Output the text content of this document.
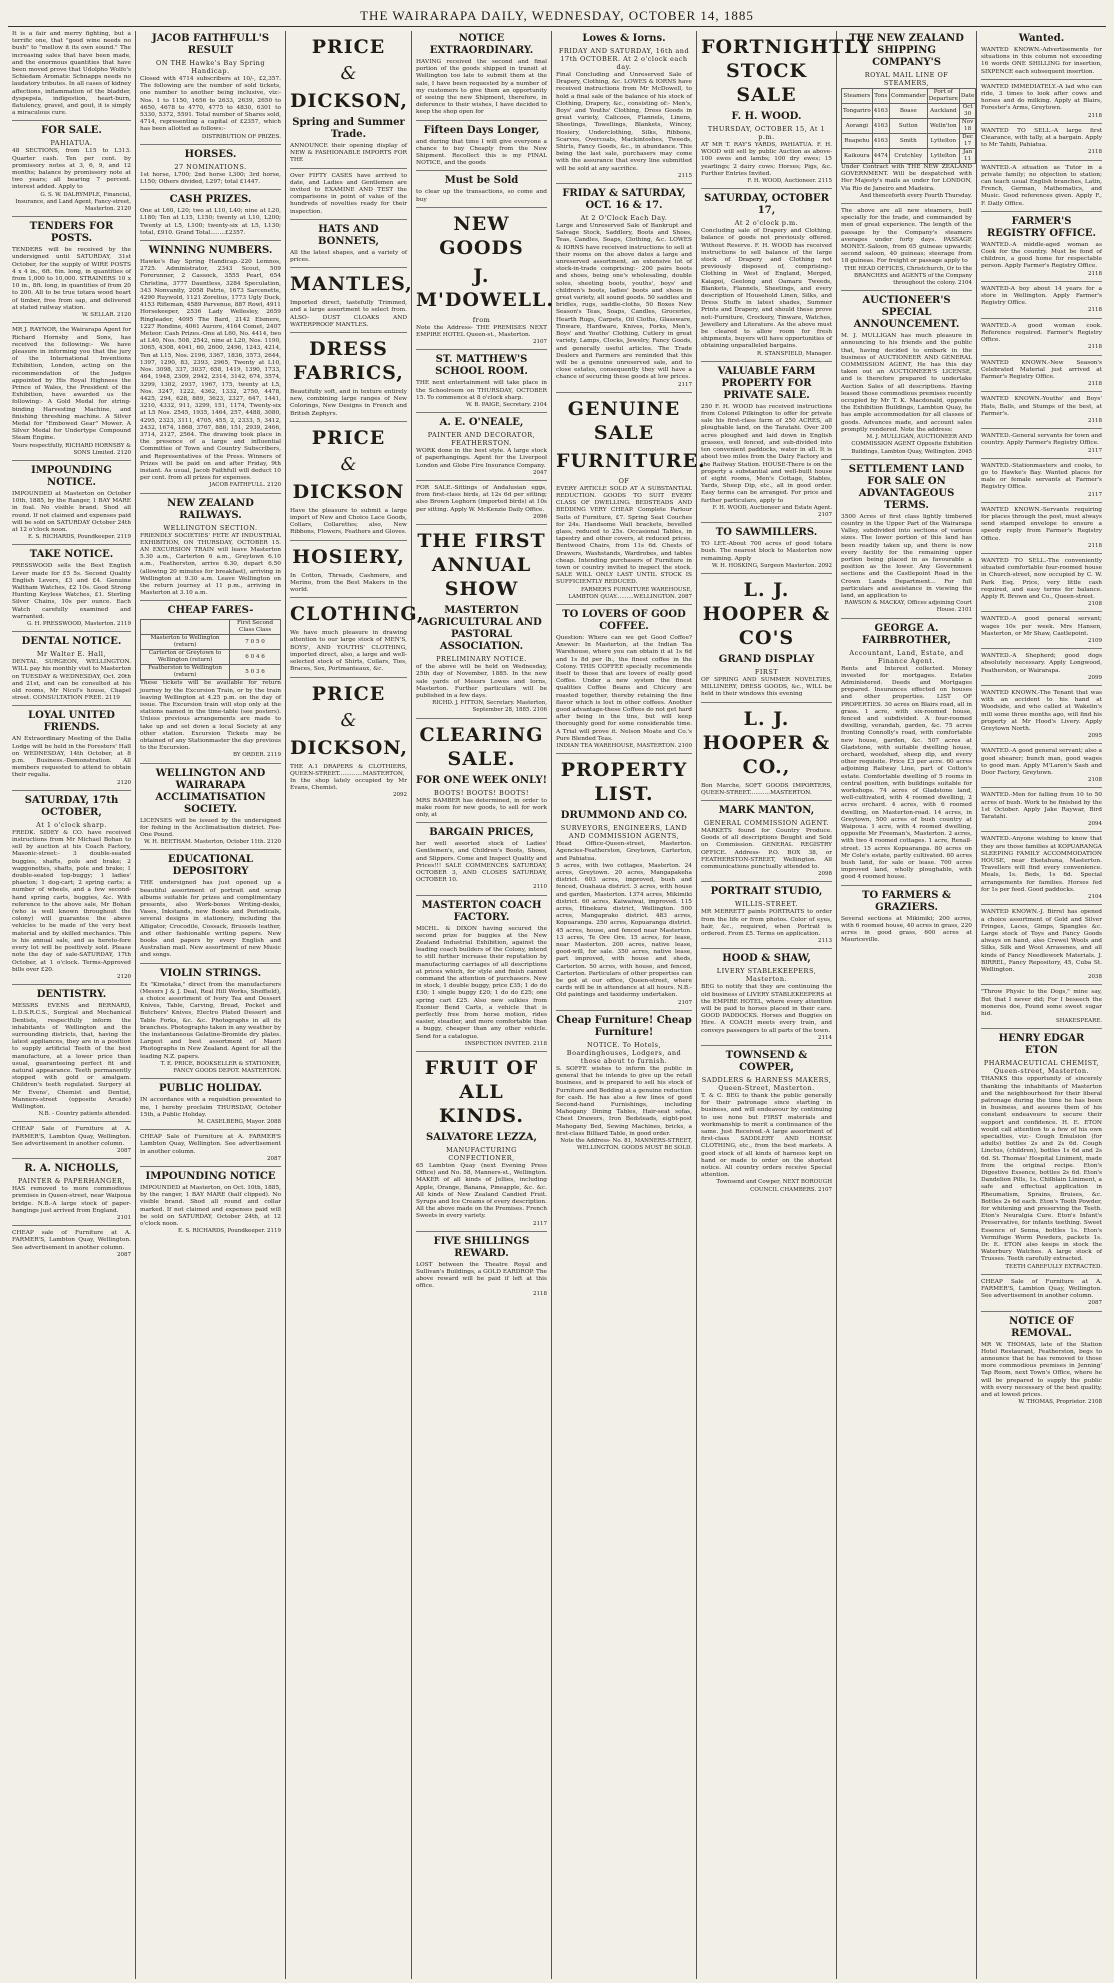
THE WAIRARAPA DAILY, WEDNESDAY, OCTOBER 14, 1885
It is a fair and merry fighting, but a terrific one, that "good wine needs no bush" to "mellow it its own sound." The increasing sales that have been made, and the enormous quantities that have been moved prove that Udolpho Wolfe's Schiedam Aromatic Schnapps needs no laudatory tributes. In all cases of kidney affections, inflammation of the bladder, dyspepsia, indigestion, heart-burn, flatulency, gravel, and gout, it is simply a miraculous cure.
FOR SALE.
PAHIATUA.
48 SECTIONS, from L15 to L313. Quarter cash. Ten per cent. by promissory notes at 3, 6, 9, and 12 months; balance by promissory note at two years; all bearing 7 percent. interest added. Apply to
G. S. W. DALRYMPLE, Financial, Insurance, and Land Agent, Fancy-street, Masterton. 2120
TENDERS FOR POSTS.
TENDERS will be received by the undersigned until SATURDAY, 31st October, for the supply of WIRE POSTS 4 x 4 in., 6ft. 6in. long, in quantities of from 1,000 to 10,000. STRAINERS 10 x 10 in., 8ft. long, in quantities of from 20 to 200. All to be true totara wood heart of timber, free from sap, and delivered at stated railway station.
W. SELLAR. 2120
MR J. RAYNOR, the Wairarapa Agent for Richard Hornsby and Sons, has received the following:- We have pleasure in informing you that the jury of the International Inventions Exhibition, London, acting on the recommendation of the Judges appointed by His Royal Highness the Prince of Wales, the President of the Exhibition, have awarded us the following:- A Gold Medal for string-binding Harvesting Machine, and finishing threshing machine. A Silver Medal for "Embowed Gear" Mower. A Silver Medal for Undertype Compound Steam Engine.
Yours respectfully, RICHARD HORNSBY & SONS Limited. 2120
IMPOUNDING NOTICE.
IMPOUNDED at Masterton on October 10th, 1885, by the Ranger, 1 BAY MARE in foal. No visible brand. Shod all round. If not claimed and expenses paid will be sold on SATURDAY October 24th at 12 o'clock noon.
E. S. RICHARDS, Poundkeeper. 2119
TAKE NOTICE.
PRESSWOOD sells the Best English Lever made for £5 5s. Second Quality English Levers, £3 and £4. Genuine Waltham Watches, £2 10s. Good Strong Hunting Keyless Watches, £1. Sterling Silver Chains, 10s per ounce. Each Watch carefully examined and warranted.
G. H. PRESSWOOD, Masterton. 2119
DENTAL NOTICE.
Mr Walter E. Hall,
DENTAL SURGEON, WELLINGTON. WILL pay his monthly visit to Masterton on TUESDAY & WEDNESDAY, Oct. 20th and 21st, and can be consulted at his old rooms, Mr Nicol's house, Chapel street. CONSULTATION FREE. 2119
LOYAL UNITED FRIENDS.
AN Extraordinary Meeting of the Dalia Lodge will be held in the Foresters' Hall on WEDNESDAY, 14th October, at 8 p.m. Business.-Demonstration. All members requested to attend to obtain their regalia.
2120
SATURDAY, 17th OCTOBER,
At 1 o'clock sharp.
FREDK. SIDEY & CO. have received instructions from Mr Michael Bohan to sell by auction at his Coach Factory, Masonic-street:- 3 double-seated buggies, shafts, pole and brake; 2 waggonettes, shafts, pole and brake; 1 double-seated top-buggy; 1 ladies' phaeton; 1 dog-cart; 2 spring carts; a number of wheels, and a few second-hand spring carts, buggies, &c. With reference to the above sale, Mr Bohan (who is well known throughout the colony) will guarantee the above vehicles to be made of the very best material and by skilled mechanics. This is his annual sale, and as hereto-fore every lot will be positively sold. Please note the day of sale-SATURDAY, 17th October, at 1 o'clock. Terms-Approved bills over £20.
2120
DENTISTRY.
MESSRS EVENS and BERNARD, L.D.S.R.C.S., Surgical and Mechanical Dentists, respectfully inform the inhabitants of Wellington and the surrounding districts, that, having the latest appliances, they are in a position to supply artificial Teeth of the best manufacture, at a lower price than usual, guaranteeing perfect fit and natural appearance. Teeth permanently stopped with gold or amalgam. Children's teeth regulated. Surgery at Mr Evens', Chemist and Dentist, Manners-street (opposite Arcade) Wellington.
N.B. - Country patients attended.
CHEAP Sale of Furniture at A. FARMER'S, Lambton Quay, Wellington. See advertisement in another column.
2087
R. A. NICHOLLS,
PAINTER & PAPERHANGER,
HAS removed to more commodious premises in Queen-street, near Waipoua bridge. N.B.-A large stock of paper-hangings just arrived from England.
2101
CHEAP sale of Furniture at A. FARMER'S, Lambton Quay, Wellington. See advertisement in another column.
2087
JACOB FAITHFULL'S RESULT
ON THE Hawke's Bay Spring Handicap.
Closed with 4714 subscribers at 10/-, £2,357. The following are the number of sold tickets, one number to another being inclusive, viz:-Nos. 1 to 1150, 1656 to 2633, 2639, 2650 to 4650, 4678 to 4770, 4775 to 4830, 6301 to 5330, 5372, 5591. Total number of Shares sold, 4714, representing a capital of £2357, which has been allotted as follows:-
DISTRIBUTION OF PRIZES.
HORSES.
27 NOMINATIONS.
1st horse, L700; 2nd horse L300; 3rd horse, L150; Others divided, L297; total £1447.
CASH PRIZES.
One at L60, L20; two at L10, L40; nine at L20, L180; Ten at L15, L150; twenty at L10, L200; Twenty at L5, L100; twenty-six at L5, L130; total, £910. Grand Total........£2357.
WINNING NUMBERS.
Hawke's Bay Spring Handicap.-220 Lemnos, 2725. Administrator, 2343 Scout, 509 Forerunner, 2 Cassock, 3555 Pearl, 654 Christina, 3777 Dauntless, 3284 Speculation, 343 Nonvanity, 2058 Patrie, 1673 Sarcenette, 4290 Ruywold, 1121 Zorelius, 1773 Ugly Duck, 4153 Rifleman, 4589 Parvenue, 887 Rowl, 4911 Horsekeeper, 2536 Lady Wellesley, 2659 Ringleader, 4095 The Bard, 2142 Elsmere, 1227 Rondine, 4061 Aurore, 4164 Comet, 2407 Meteor. Cash Prizes.-One at L60, No. 4414, two at L40, Nos. 508, 2542, nine at L20, Nos. 1190, 3065, 4308, 4041, 60, 2600, 2496, 1243, 4214, Ten at L15, Nos. 2196, 3367, 1836, 3573, 2644, 1397, 1290, 83, 2393, 2965, Twenty at L10, Nos. 3098, 337, 3037, 658, 1419, 1390, 1733, 464, 1948, 2309, 2942, 2314, 3142, 674, 3574, 3299, 1302, 2937, 1967, 175, twenty at L5, Nos. 3247, 1222, 4362, 1332, 2750, 4478, 4425, 294, 628, 889, 3623, 2327, 647, 1441, 3210, 4332, 911, 3299, 151, 1174, Twenty-six at L5 Nos. 2545, 1935, 1464, 257, 4488, 3080, 4295, 2323, 3111, 4705, 455, 2, 2333, 5, 3412, 2432, 1674, 1868, 3767, 886, 151, 2939, 2466, 3714, 2127, 2564. The drawing took place in the presence of a large and influential Committee of Town and Country Subscribers, and Representatives of the Press. Winners of Prizes will be paid on and after Friday, 9th instant. As usual, Jacob Faithfull will deduct 10 per cent. from all prizes for expenses.
JACOB FAITHFULL. 2120
NEW ZEALAND RAILWAYS.
WELLINGTON SECTION.
FRIENDLY SOCIETIES' FETE AT INDUSTRIAL EXHIBITION, ON THURSDAY, OCTOBER 15. AN EXCURSION TRAIN will leave Masterton 5.30 a.m., Carterton 6 a.m., Greytown 6.10 a.m., Featherston, arrive 6.30, depart 6.50 (allowing 20 minutes for breakfast), arriving in Wellington at 9.30 a.m. Leave Wellington on the return journey at 11 p.m., arriving in Masterton at 3.10 a.m.
CHEAP FARES-
	First Second Class Class
Masterton to Wellington (return)	7 0 5 0
Carterton or Greytown to Wellington (return)	6 0 4 6
Featherston to Wellington (return)	5 0 3 6
These tickets will be available for return journey by the Excursion Train, or by the train leaving Wellington at 4.25 p.m. on the day of issue. The Excursion train will stop only at the stations named in the time-table (see posters). Unless previous arrangements are made to take up and set down a local Society at any other station. Excursion Tickets may be obtained of any Stationmaster the day previous to the Excursion.
BY ORDER. 2119
WELLINGTON AND WAIRARAPA ACCLIMATISATION SOCIETY.
LICENSES will be issued by the undersigned for fishing in the Acclimatisation district. Fee-One Pound.
W. H. BEETHAM. Masterton, October 11th. 2120
EDUCATIONAL DEPOSITORY
THE undersigned has just opened up a beautiful assortment of portrait and scrap albums suitable for prizes and complimentary presents, also Work-boxes Writing-desks, Vases, Inkstands, new Books and Periodicals, several designs in stationery, including the Alligator, Crocodile, Cossack, Brussels leather, and other fashionable writing papers. New books and papers by every English and Australian mail. New assortment of new Music and songs.
VIOLIN STRINGS.
Ex "Kimotaka," direct from the manufacturers (Messrs J & J. Deal, Real Hill Works, Sheffield), a choice assortment of Ivory Tea and Dessert Knives, Table, Carving, Bread, Pocket and Butchers' Knives, Electro Plated Dessert and Table Forks, &c. &c. Photographs in all its branches. Photographs taken in any weather by the instantaneous Gelatine-Bromide dry plates. Largest and best assortment of Maori Photographs in New Zealand. Agent for all the leading N.Z. papers.
T. E. PRICE, BOOKSELLER & STATIONER, FANCY GOODS DEPOT. MASTERTON.
PUBLIC HOLIDAY.
IN accordance with a requisition presented to me, I hereby proclaim THURSDAY, October 15th, a Public Holiday.
M. CASELBERG, Mayor. 2088
CHEAP Sale of Furniture at A. FARMER'S Lambton Quay, Wellington. See advertisement in another column.
2087
IMPOUNDING NOTICE
IMPOUNDED at Masterton, on Oct. 10th, 1885, by the ranger, 1 BAY MARE (half clipped). No visible brand. Shod all round and collar marked. If not claimed and expenses paid will be sold on SATURDAY, October 24th, at 12 o'clock noon.
E. S. RICHARDS, Poundkeeper. 2119
PRICE
&
DICKSON,
Spring and Summer Trade.
ANNOUNCE their opening display of NEW & FASHIONABLE IMPORTS FOR THE
Over FIFTY CASES have arrived to date, and Ladies and Gentlemen are invited to EXAMINE AND TEST the comparisons in point of value of the hundreds of novelties ready for their inspection.
HATS AND BONNETS,
All the latest shapes, and a variety of prices.
MANTLES,
Imported direct, tastefully Trimmed, and a large assortment to select from. ALSO- DUST CLOAKS AND WATERPROOF MANTLES.
DRESS FABRICS,
Beautifully soft, and in texture entirely new, combining large ranges of New Colorings, New Designs in French and British Zephyrs.
PRICE
&
DICKSON
Have the pleasure to submit a large import of New and Choice Lace Goods, Collars, Collarettes; also, New Ribbons, Flowers, Feathers and Gloves.
HOSIERY,
In Cotton, Threads, Cashmere, and Merino, from the Best Makers in the world.
CLOTHING,
We have much pleasure in drawing attention to our large stock of MEN'S, BOYS', AND YOUTHS' CLOTHING, imported direct, also, a large and well-selected stock of Shirts, Collars, Ties, Braces, Sox, Portmanteaux, &c.
PRICE
&
DICKSON,
THE A.1 DRAPERS & CLOTHIERS, QUEEN-STREET.............MASTERTON, In the shop lately occupied by Mr Evans, Chemist.
2092
NOTICE EXTRAORDINARY.
HAVING received the second and final portion of the goods shipped in transit at Wellington too late to submit them at the sale, I have been requested by a number of my customers to give them an opportunity of seeing the new Shipment, therefore, in deference to their wishes, I have decided to keep the shop open for
Fifteen Days Longer,
and during that time I will give everyone a chance to buy Cheaply from the New Shipment. Recollect this is my FINAL NOTICE, and the goods
Must be Sold
to clear up the transactions, so come and buy
NEW GOODS
J. M'DOWELL.
from
Note the Address- THE PREMISES NEXT EMPIRE HOTEL Queen-st., Masterton.
2107
ST. MATTHEW'S SCHOOL ROOM.
THE next entertainment will take place in the Schoolroom on THURSDAY, OCTOBER 15. To commence at 8 o'clock sharp.
W. B. PAIGE, Secretary. 2104
A. E. O'NEALE,
PAINTER AND DECORATOR, FEATHERSTON.
WORK done in the best style. A large stock of paperhangings. Agent for the Liverpool London and Globe Fire Insurance Company.
2047
FOR SALE.-Sittings of Andalusian eggs, from first-class birds, at 12s 6d per sitting; also Brown Leghorn (imported birds) at 10s per sitting. Apply W. McKenzie Daily Office.
2096
THE FIRST ANNUAL SHOW
MASTERTON AGRICULTURAL AND PASTORAL ASSOCIATION.
PRELIMINARY NOTICE.
of the above will be held on Wednesday, 25th day of November, 1885. In the new sale yards of Messrs Lowes and Iorns, Masterton. Further particulars will be published in a few days.
RICHD. J. FITTON, Secretary. Masterton, September 28, 1885. 2106
CLEARING SALE.
FOR ONE WEEK ONLY!
BOOTS! BOOTS! BOOTS!
MRS BAMBER has determined, in order to make room for new goods, to sell for work only, at
BARGAIN PRICES,
her well assorted stock of Ladies' Gentlemen's, and Children's Boots, Shoes, and Slippers. Come and Inspect Quality and Prices!!! SALE COMMENCES SATURDAY, OCTOBER 3, AND CLOSES SATURDAY, OCTOBER 10.
2110
MASTERTON COACH FACTORY.
MICHL. & DIXON having secured the second prize for buggies at the New Zealand Industrial Exhibition, against the leading coach builders of the Colony, intend to still further increase their reputation by manufacturing carriages of all descriptions at prices which, for style and finish cannot command the attention of purchasers. New in stock, 1 double buggy, price £35; 1 do do £30; 1 single buggy £20; 1 do do £25; one spring cart £25. Also new sulkies from Exonier Bend Carts, a vehicle that is perfectly free from horse motion, rides easier, steadier, and more comfortable than a buggy, cheaper than any other vehicle. Send for a catalogue.
INSPECTION INVITED. 2118
FRUIT OF ALL KINDS.
SALVATORE LEZZA,
MANUFACTURING CONFECTIONER,
65 Lambton Quay (next Evening Press Office) and No. 58, Manners-st., Wellington. MAKER of all kinds of Jellies, including Apple, Orange, Banana, Pineapple, &c. &c. All kinds of New Zealand Candied Fruit. Syrups and Ice Creams of every description. All the above made on the Premises. French Sweets in every variety.
2117
FIVE SHILLINGS REWARD.
LOST between the Theatre Royal and Sullivan's Buildings, a GOLD EARDROP. The above reward will be paid if left at this office.
2118
Lowes & Iorns.
FRIDAY AND SATURDAY, 16th and 17th OCTOBER. At 2 o'clock each day.
Final Concluding and Unreserved Sale of Drapery, Clothing, &c. LOWES & IORNS have received instructions from Mr McDowell, to hold a final sale of the balance of his stock of Clothing, Drapery, &c., consisting of:- Men's, Boys' and Youths' Clothing, Dress Goods in great variety, Calicoes, Flannels, Linens, Sheetings, Towellings, Blankets, Wincey, Hosiery, Underclothing, Silks, Ribbons, Scarves, Overcoats, Mackintoshes, Tweeds, Shirts, Fancy Goods, &c., in abundance. This being the last sale, purchasers may come with the assurance that every line submitted will be sold at any sacrifice.
2115
FRIDAY & SATURDAY, OCT. 16 & 17.
At 2 O'Clock Each Day.
Large and Unreserved Sale of Bankrupt and Salvage Stock, Saddlery, Boots and Shoes, Teas, Candles, Soaps, Clothing, &c. LOWES & IORNS have received instructions to sell at their rooms on the above dates a large and unreserved assortment, an extensive lot of stock-in-trade comprising:- 200 pairs boots and shoes, being one's wholesaling, double soles, sheeting boots, youths', boys' and children's boots, ladies' boots and shoes in great variety, all sound goods. 50 saddles and bridles, rugs, saddle-cloths, 50 Boxes New Season's Teas, Soaps, Candles, Groceries, Hearth Rugs, Carpets, Oil Cloths, Glassware, Tinware, Hardware, Knives, Forks, Men's, Boys' and Youths' Clothing, Cutlery in great variety, Lamps, Clocks, Jewelry, Fancy Goods, and generally useful articles. The Trade Dealers and Farmers are reminded that this will be a genuine unreserved sale, and to close estates, consequently they will have a chance of securing these goods at low prices.
2117
GENUINE SALE
FURNITURE.
OF
EVERY ARTICLE SOLD AT A SUBSTANTIAL REDUCTION. GOODS TO SUIT EVERY CLASS OF DWELLING. BEDSTEADS AND BEDDING VERY CHEAP. Complete Parlour Suits of Furniture, £7. Spring Seat Couches for 24s. Handsome Wall brackets, bevelled glass, reduced to 25s. Occasional Tables, in tapestry and other covers, at reduced prices. Bentwood Chairs, from 11s 6d. Chests of Drawers, Washstands, Wardrobes, and tables cheap. Intending purchasers of Furniture in town or country invited to inspect the stock. SALE WILL ONLY LAST UNTIL STOCK IS SUFFICIENTLY REDUCED.
FARMER'S FURNITURE WAREHOUSE, LAMBTON QUAY..........WELLINGTON. 2087
TO LOVERS OF GOOD COFFEE.
Question: Where can we get Good Coffee? Answer: In Masterton, at the Indian Tea Warehouse, where you can obtain it at 1s 6d and 1s 8d per lb., the finest coffee in the Colony. THIS COFFEE specially recommends itself to those that are lovers of really good Coffee. Under a new system the finest qualities Coffee Beans and Chicory are roasted together, thereby retaining the fine flavor which is lost in other coffees. Another good advantage-these Coffees do not get hard after being in the tins, but will keep thoroughly good for some considerable time. A Trial will prove it. Nelson Moate and Co.'s Pure Blended Teas.
INDIAN TEA WAREHOUSE, MASTERTON. 2100
PROPERTY LIST.
DRUMMOND AND CO.
SURVEYORS, ENGINEERS, LAND AND COMMISSION AGENTS,
Head Office-Queen-street, Masterton. Agencies-Featherston, Greytown, Carterton, and Pahiatua.
5 acres, with two cottages, Masterton. 24 acres, Greytown. 20 acres, Mangapakeha district. 603 acres, improved, bush and fenced, Ouahaua district. 3 acres, with house and garden, Masterton. 1374 acres, Mikimiki district. 60 acres, Kaiwaiwai, improved. 115 acres, Hinekura district, Wellington. 500 acres, Mangaprako district. 483 acres, Kopuaranga. 250 acres, Kopuaranga district. 45 acres, house, and fenced near Masterton. 13 acres, Te Ore Ore. 15 acres, for lease, near Masterton. 200 acres, native lease, good-will, for sale. 350 acres, native lease, part improved, with house and sheds, Carterton. 50 acres, with house, and fenced, Carterton. Particulars of other properties can be got at our office, Queen-street, where cards will be in attendance at all hours. N.B.-Old paintings and taxidermy undertaken.
2107
Cheap Furniture! Cheap Furniture!
NOTICE. To Hotels, Boardinghouses, Lodgers, and those about to furnish.
S. SOFFE wishes to inform the public in general that he intends to give up the retail business, and is prepared to sell his stock of Furniture and Bedding at a genuine reduction for cash. He has also a few lines of good Second-hand Furnishings, including Mahogany Dining Tables, Hair-seat sofas, Chest Drawers, Iron Bedsteads, eight-post Mahogany Bed, Sewing Machines, bricks, a first-class Billiard Table, in good order.
Note the Address- No. 81, MANNERS-STREET, WELLINGTON. GOODS MUST BE SOLD.
FORTNIGHTLY STOCK SALE
F. H. WOOD.
THURSDAY, OCTOBER 15, At 1 p.m.
AT MR T. RAY'S YARDS, PAHIATUA. F. H. WOOD will sell by public Auction as above- 100 ewes and lambs; 100 dry ewes; 15 yearlings; 2 dairy cows; Horses; Pigs, &c. Further Entries Invited.
F. H. WOOD, Auctioneer. 2115
SATURDAY, OCTOBER 17,
At 2 o'clock p.m.
Concluding sale of Drapery and Clothing, balance of goods not previously offered. Without Reserve. F. H. WOOD has received instructions to sell balance of the large stock of Drapery and Clothing not previously disposed of, comprising:- Clothing in West of England, Merged, Kaiapoi, Geelong and Oamaru Tweeds, Blankets, Flannels, Sheetings, and every description of Household Linen, Silks, and Dress Stuffs in latest shades, Summer Prints and Drapery, and should these prove not:-Furniture, Crockery, Tinware, Watches, Jewellery and Literature. As the above must be cleared to allow room for fresh shipments, buyers will have opportunities of obtaining unparalleled bargains.
R. STANSFIELD, Manager.
VALUABLE FARM PROPERTY FOR PRIVATE SALE.
250 F. H. WOOD has received instructions from Colonel Pilkington to offer for private sale his first-class farm of 250 ACRES, all ploughable land, on the Taratahi. Over 200 acres ploughed and laid down in English grasses, well fenced, and sub-divided into ten convenient paddocks, water in all. It is about two miles from the Dairy Factory and the Railway Station. HOUSE-There is on the property a substantial and well-built house of eight rooms, Men's Cottage, Stables, Yards, Sheep Dip, etc., all in good order. Easy terms can be arranged. For price and further particulars, apply to
F. H. WOOD, Auctioneer and Estate Agent. 2107
TO SAWMILLERS.
TO LET.-About 700 acres of good totara bush. The nearest block to Masterton now remaining. Apply
W. H. HOSKING, Surgeon Masterton. 2092
L. J. HOOPER & CO'S
GRAND DISPLAY
FIRST
OF SPRING AND SUMMER NOVELTIES, MILLINERY, DRESS GOODS, &c., WILL be held in their windows this evening
L. J. HOOPER & CO.,
Bon Marche, SOFT GOODS IMPORTERS, QUEEN-STREET...........MASTERTON.
MARK MANTON,
GENERAL COMMISSION AGENT.
MARKETS found for Country Produce. Goods of all descriptions Bought and Sold on Commission. GENERAL REGISTRY OFFICE. Address- P.O. BOX 38, or FEATHERSTON-STREET, Wellington. All communications punctually attended to.
2098
PORTRAIT STUDIO,
WILLIS-STREET.
MR MERRETT paints PORTRAITS to order from the life or from photos. Color of eyes, hair, &c., required, when Portrait is ordered. From £5. Terms on application.
2113
HOOD & SHAW,
LIVERY STABLEKEEPERS, Masterton.
BEG to notify that they are continuing the old business of LIVERY STABLEKEEPERS at the EMPIRE HOTEL, where every attention will be paid to horses placed in their care. GOOD PADDOCKS. Horses and Buggies on Hire. A COACH meets every train, and conveys passengers to all parts of the town.
2114
TOWNSEND & COWPER,
SADDLERS & HARNESS MAKERS, Queen-Street, Masterton.
T. & C. BEG to thank the public generally for their patronage since starting in business, and will endeavour by continuing to use none but FIRST materials and workmanship to merit a continuance of the same. Just Received.-A large assortment of first-class SADDLERY AND HORSE CLOTHING, etc., from the best markets. A good stock of all kinds of harness kept on hand or made to order on the shortest notice. All country orders receive Special attention.
Townsend and Cowper, NEXT BOROUGH COUNCIL CHAMBERS. 2107
THE NEW ZEALAND SHIPPING COMPANY'S
ROYAL MAIL LINE OF STEAMERS,
Steamers	Tons	Commander	Port of Departure	Date
Tongariro	4163	Boase	Auckland	Oct 30
Aorangi	4163	Sutton	Welln'ton	Nov 18
Ruapehu	4163	Smith	Lyttelton	Dec 17
Kaikoura	4474	Crutchley	Lyttelton	Jan 11
Under Contract with THE NEW ZEALAND GOVERNMENT. Will be despatched with Her Majesty's mails as under for LONDON, Via Rio de Janeiro and Madeira.
And thenceforth every Fourth Thursday.
The above are all new steamers, built specially for the trade, and commanded by men of great experience. The length of the passage by the Company's steamers averages under forty days. PASSAGE MONEY.-Saloon, from 65 guineas upwards; second saloon, 40 guineas; steerage from 18 guineas. For freight or passage apply to
THE HEAD OFFICES, Christchurch, Or to the BRANCHES and AGENTS of the Company throughout the colony. 2104
AUCTIONEER'S SPECIAL ANNOUNCEMENT.
M. J. MULLIGAN has much pleasure in announcing to his friends and the public that, having decided to embark in the business of AUCTIONEER AND GENERAL COMMISSION AGENT, He has this day taken out an AUCTIONEER'S LICENSE, and is therefore prepared to undertake Auction Sales of all descriptions. Having leased those commodious premises recently occupied by Mr T. K. Macdonald, opposite the Exhibition Buildings, Lambton Quay, he has ample accommodation for all classes of goods. Advances made, and account sales promptly rendered. Note the address:
M. J. MULLIGAN, AUCTIONEER AND COMMISSION AGENT Opposite Exhibition Buildings, Lambton Quay, Wellington. 2045
SETTLEMENT LAND FOR SALE ON ADVANTAGEOUS TERMS.
3500 Acres of first class lightly timbered country in the Upper Part of the Wairarapa Valley, subdivided into sections of various sizes. The lower portion of this land has been readily taken up, and there is now every facility for the remaining upper portion being placed in as favourable a position as the lower. Any Government sections and the Castlepoint Road in the Crown Lands Department... For full particulars and assistance in viewing the land, an application to
RAWSON & MACKAY, Offices adjoining Court House. 2101
GEORGE A. FAIRBROTHER,
Accountant, Land, Estate, and Finance Agent.
Rents and Interest collected. Money invested for mortgages. Estates Administered. Deeds and Mortgages prepared. Insurances effected on houses and other properties. LIST OF PROPERTIES. 30 acres on Blairs road, all in grass. 1 acre, with six-roomed house, fenced and subdivided. A four-roomed dwelling, verandah, garden, &c. 75 acres fronting Connolly's road, with comfortable new house, garden, &c. 507 acres at Gladstone, with suitable dwelling house, orchard, woolshed, sheep dip, and every other requisite. Price £3 per acre. 60 acres adjoining Railway Line, part of Cotton's estate. Comfortable dwelling of 5 rooms in central position, with buildings suitable for workshops. 74 acres of Gladstone land, well-cultivated, with 4 roomed dwelling, 2 acres orchard. 4 acres, with 6 roomed dwelling, on Masterton-road. 14 acres, in Greytown, 500 acres of bush country at Waipoua. 1 acre, with 4 roomed dwelling, opposite Mr Freeman's, Masterton. 2 acres, with two 4 roomed cottages. 1 acre, Renall-street. 15 acres Kopuaranga. 80 acres on Mr Cole's estate, partly cultivated. 60 acres bush land, for sale or lease. 700 acres improved land, wholly ploughable, with good 4 roomed house.
TO FARMERS & GRAZIERS.
Several sections at Mikimiki; 200 acres, with 6 roomed house, 40 acres in grass, 220 acres in good grass, 600 acres at Mauriceville.
Wanted.
WANTED KNOWN.-Advertisements for situations in this column not exceeding 16 words ONE SHILLING for insertion, SIXPENCE each subsequent insertion.
WANTED IMMEDIATELY.-A lad who can ride, 3 times to look after cows and horses and do milking. Apply at Blairs, Forester's Arms, Greytown.
2118
WANTED TO SELL.-A large first Clearance, with tally, at a bargain. Apply to Mr Tahiti, Pahiatua.
2118
WANTED.-A situation as Tutor in a private family; no objection to station; can teach usual English branches, Latin, French, German, Mathematics, and Music. Good references given. Apply F., F. Daily Office.
FARMER'S REGISTRY OFFICE.
WANTED.-A middle-aged woman as Cook for the country. Must be fond of children, a good home for respectable person. Apply Farmer's Registry Office.
2118
WANTED-A boy about 14 years for a store in Wellington. Apply Farmer's Registry Office.
2118
WANTED.-A good woman cook. Reference required. Farmer's Registry Office.
2118
WANTED KNOWN.-New Season's Celebrated Material just arrived at Farmer's Registry Office.
2118
WANTED KNOWN.-Youths' and Boys' Hats, Balls, and Stumps of the best, at Farmer's.
2118
WANTED.-General servants for town and country. Apply Farmer's Registry Office.
2117
WANTED.-Stationmasters and cooks, to go to Hawke's Bay. Wanted places for male or female servants at Farmer's Registry Office.
2117
WANTED KNOWN.-Servants requiring for places through the post, must always send stamped envelope to ensure a speedy reply from Farmer's Registry Office.
2118
WANTED TO SELL.-The conveniently situated comfortable four-roomed house in Church-street, now occupied by C. W. Park Esq. Price, very little cash required, and easy terms for balance. Apply R. Brown and Co., Queen-street.
2108
WANTED.-A good general servant; wages 10s per week. Mrs Hansen, Masterton, or Mr Shaw, Castlepoint.
2109
WANTED.-A Shepherd; good dogs absolutely necessary. Apply Longwood, Featherston, or Wairarapa.
2099
WANTED KNOWN.-The Tenant that was with an accident to his hand at Woodside, and who called at Wakelin's mill some three months ago, will find his property at Mr Hood's Livery. Apply Greytown North.
2095
WANTED.-A good general servant; also a good shearer; bunch man, good wages to good man. Apply M'Laren's Sash and Door Factory, Greytown.
2108
WANTED.-Men for falling from 10 to 50 acres of bush. Work to be finished by the 1st October. Apply Jake Raywar, Bird Taratahi.
2094
WANTED.-Anyone wishing to know that they are those families at KOPUARANGA SLEEPING FAMILY ACCOMMODATION HOUSE, near Eketahuna, Masterton. Travellers will find every convenience. Meals, 1s. Beds, 1s 6d. Special arrangements for families. Horses fed for 1s per feed. Good paddocks.
2104
WANTED KNOWN.-J. Birrel has opened a choice assortment of Gold and Silver Fringes, Laces, Gimps, Spangles &c. Large stock of Toys and Fancy Goods always on hand, also Crewel Wools and Silks, Silk and Wool Arrasenes, and all kinds of Fancy Needlework Materials. J. BIRREL, Fancy Repository, 45, Cuba St. Wellington.
2038
"Throw Physic to the Dogs," mine say, But that I never did; For I beseech the moneres doe, Found some sweet sugar hid.
SHAKESPEARE.
HENRY EDGAR ETON
PHARMACEUTICAL CHEMIST, Queen-street, Masterton.
THANKS this opportunity of sincerely thanking the inhabitants of Masterton and the neighbourhood for their liberal patronage during the time he has been in business, and assures them of his constant endeavours to secure their support and confidence. H. E. ETON would call attention to a few of his own specialties, viz:- Cough Emulsion (for adults) bottles 2s and 2s 6d. Cough Linctus, (children), bottles 1s 6d and 2s 6d. St. Thomas' Hospital Liniment, made from the original recipe. Eton's Digestive Essence, bottles 2s 6d. Eton's Dandelion Pills, 1s. Chilblain Liniment, a safe and effectual application in Rheumatism, Sprains, Bruises, &c. Bottles 2s 6d each. Eton's Tooth Powder, for whitening and preserving the Teeth. Eton's Neuralgia Cure. Eton's Infant's Preservative, for infants teething. Sweet Essence of Senna, bottles 1s. Eton's Vermifuge Worm Powders, packets 1s. Dr. E. ETON also keeps in stock the Waterbury Watches. A large stock of Trusses. Teeth carefully extracted.
TEETH CAREFULLY EXTRACTED.
CHEAP Sale of Furniture at A. FARMER'S, Lambton Quay, Wellington. See advertisement in another column.
2087
NOTICE OF REMOVAL.
MR W. THOMAS, late of the Station Hotel Restaurant, Featherston, begs to announce that he has removed to those more commodious premises in Jenning' Tap Room, next Town's Office, where he will be prepared to supply the public with every necessary of the best quality, and at lowest prices.
W. THOMAS, Proprietor. 2108
